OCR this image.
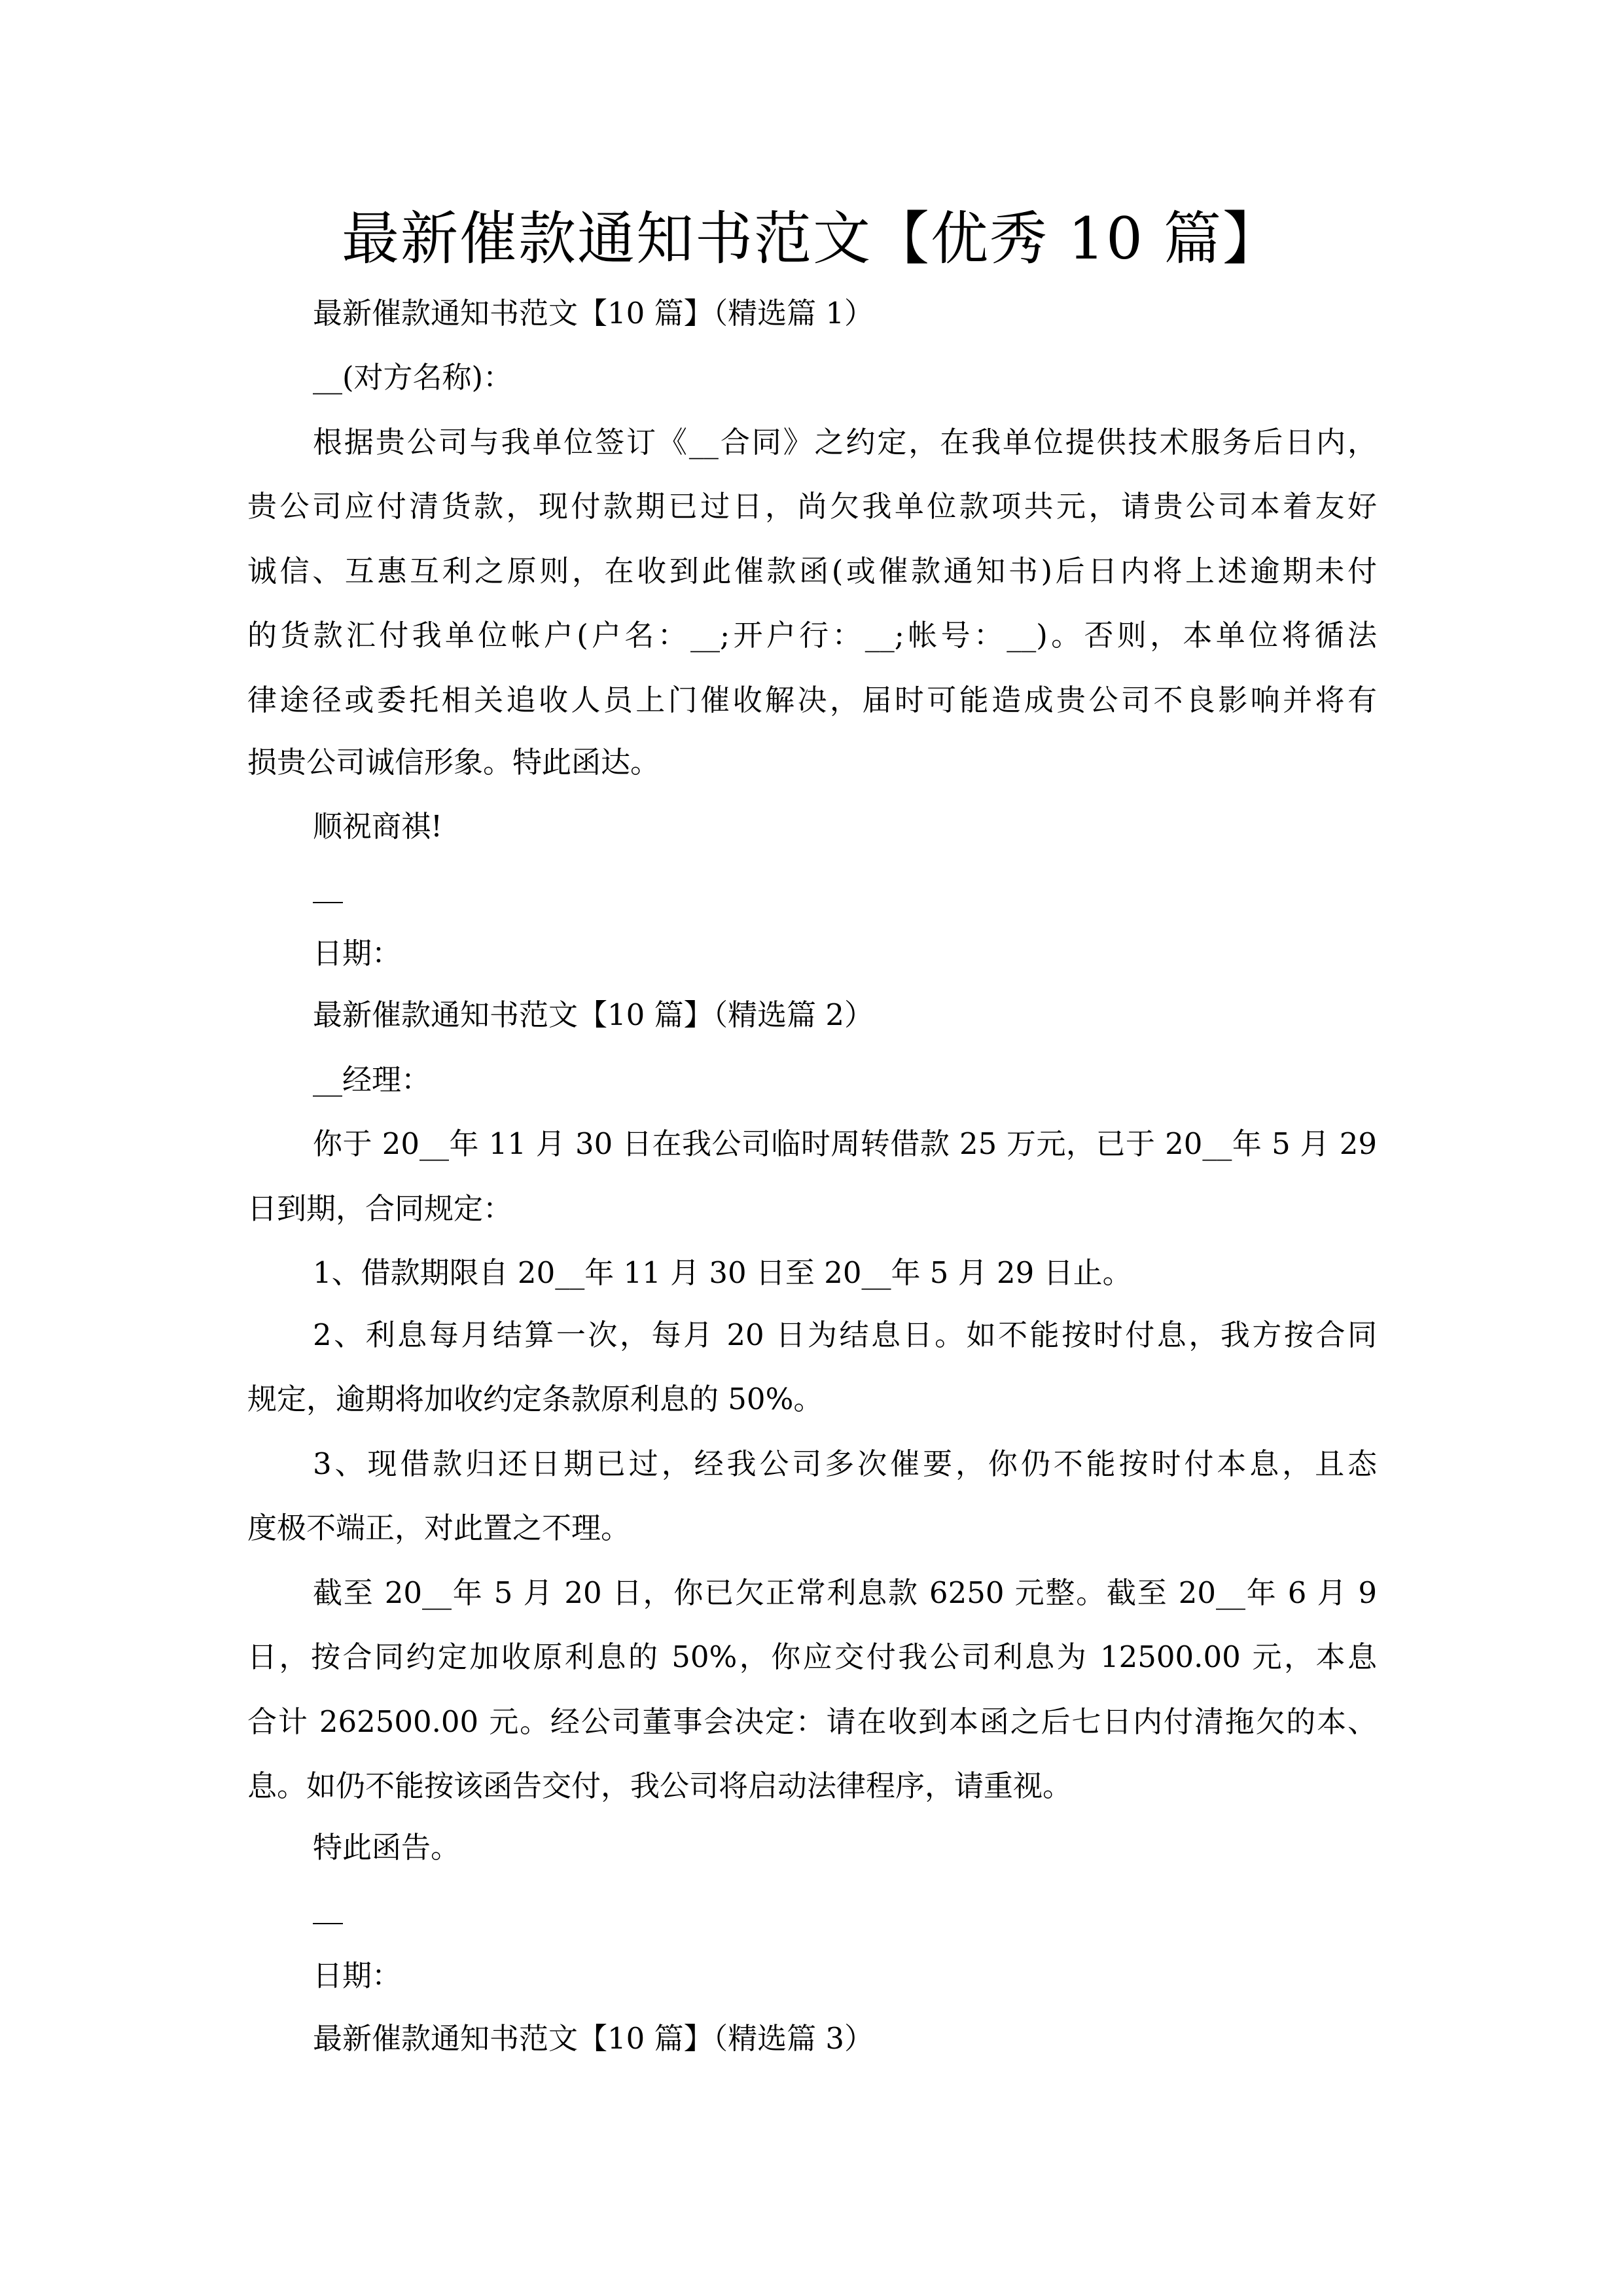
最新催款通知书范文【优秀 10 篇】
最新催款通知书范文【10 篇】（精选篇 1）
__(对方名称)：
根据贵公司与我单位签订《__合同》之约定，在我单位提供技术服务后日内，
贵公司应付清货款，现付款期已过日，尚欠我单位款项共元，请贵公司本着友好
诚信、互惠互利之原则，在收到此催款函(或催款通知书)后日内将上述逾期未付
的货款汇付我单位帐户(户名：__;开户行：__;帐号：__)。否则，本单位将循法
律途径或委托相关追收人员上门催收解决，届时可能造成贵公司不良影响并将有
损贵公司诚信形象。特此函达。
顺祝商祺!
日期：
最新催款通知书范文【10 篇】（精选篇 2）
__经理：
你于 20__年 11 月 30 日在我公司临时周转借款 25 万元，已于 20__年 5 月 29
日到期，合同规定：
1、借款期限自 20__年 11 月 30 日至 20__年 5 月 29 日止。
2、利息每月结算一次，每月 20 日为结息日。如不能按时付息，我方按合同
规定，逾期将加收约定条款原利息的 50%。
3、现借款归还日期已过，经我公司多次催要，你仍不能按时付本息，且态
度极不端正，对此置之不理。
截至 20__年 5 月 20 日，你已欠正常利息款 6250 元整。截至 20__年 6 月 9
日，按合同约定加收原利息的 50%，你应交付我公司利息为 12500.00 元，本息
合计 262500.00 元。经公司董事会决定：请在收到本函之后七日内付清拖欠的本、
息。如仍不能按该函告交付，我公司将启动法律程序，请重视。
特此函告。
日期：
最新催款通知书范文【10 篇】（精选篇 3）
